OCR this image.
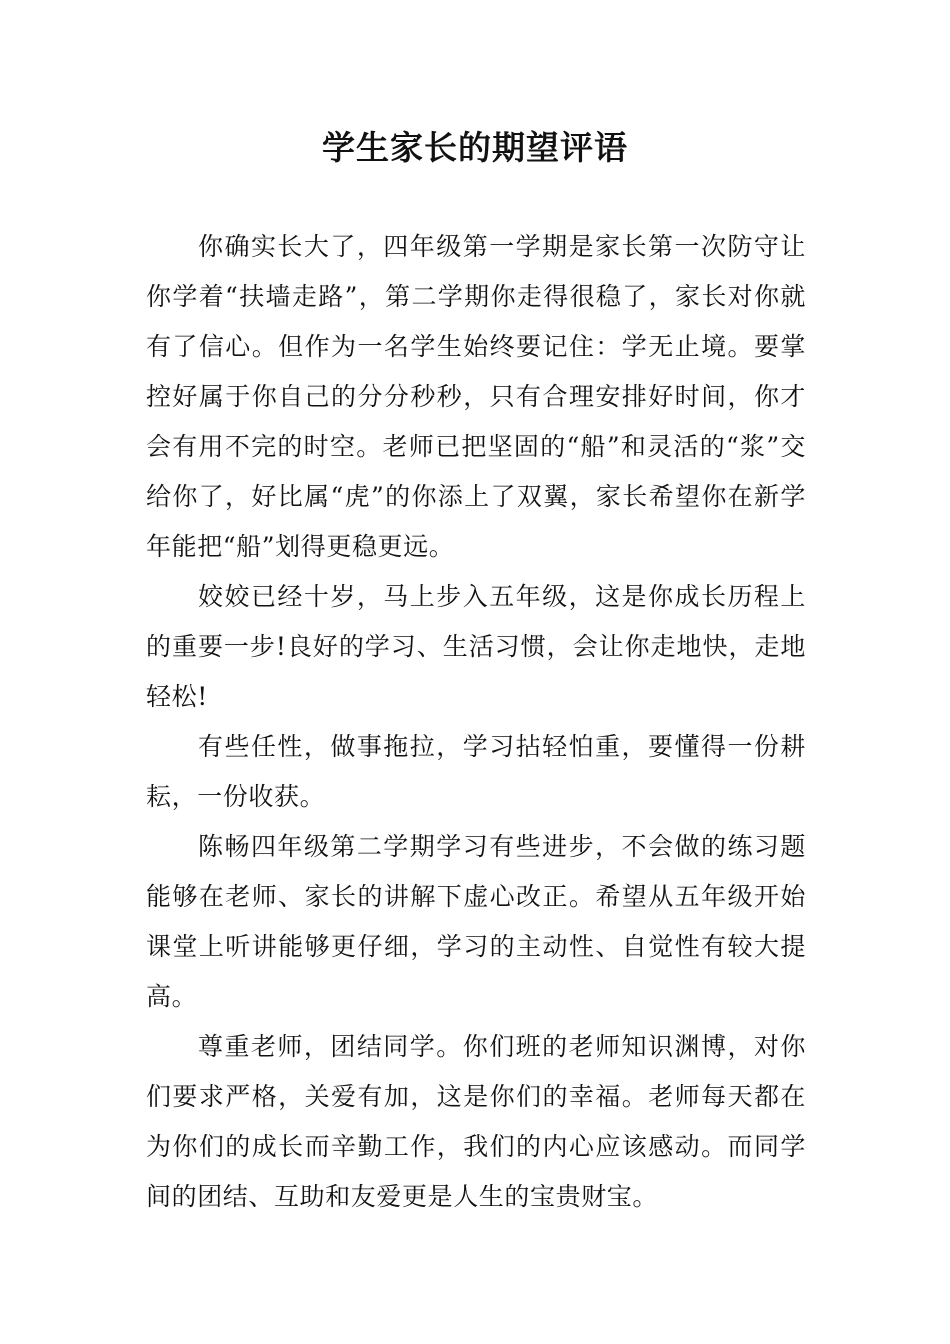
学生家长的期望评语

你确实长大了，四年级第一学期是家长第一次防守让你学着“扶墙走路”，第二学期你走得很稳了，家长对你就有了信心。但作为一名学生始终要记住：学无止境。要掌控好属于你自己的分分秒秒，只有合理安排好时间，你才会有用不完的时空。老师已把坚固的“船”和灵活的“浆”交给你了，好比属“虎”的你添上了双翼，家长希望你在新学年能把“船”划得更稳更远。

姣姣已经十岁，马上步入五年级，这是你成长历程上的重要一步!良好的学习、生活习惯，会让你走地快，走地轻松!

有些任性，做事拖拉，学习拈轻怕重，要懂得一份耕耘，一份收获。

陈畅四年级第二学期学习有些进步，不会做的练习题能够在老师、家长的讲解下虚心改正。希望从五年级开始课堂上听讲能够更仔细，学习的主动性、自觉性有较大提高。

尊重老师，团结同学。你们班的老师知识渊博，对你们要求严格，关爱有加，这是你们的幸福。老师每天都在为你们的成长而辛勤工作，我们的内心应该感动。而同学间的团结、互助和友爱更是人生的宝贵财宝。
